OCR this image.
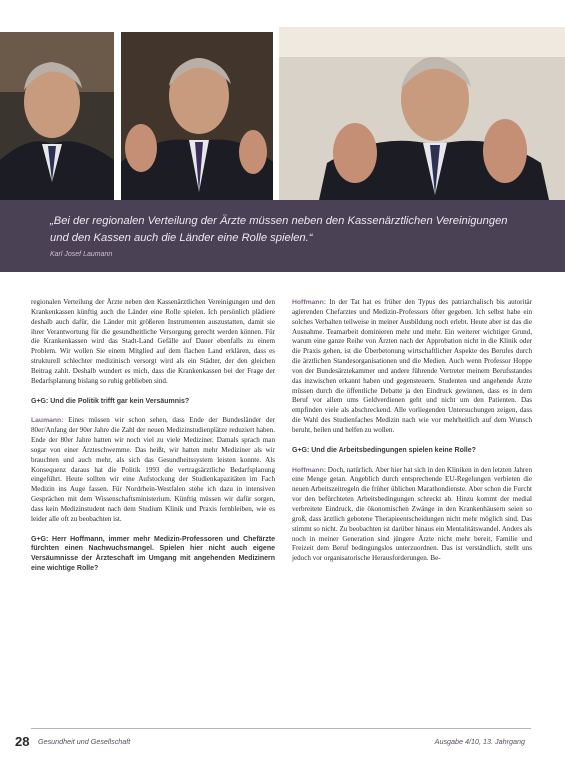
„Bei der regionalen Verteilung der Ärzte müssen neben den Kassenärztlichen Vereinigungen und den Kassen auch die Länder eine Rolle spielen.“
Karl Josef Laumann

regionalen Verteilung der Ärzte neben den Kassenärztlichen Vereinigungen und den Krankenkassen künftig auch die Länder eine Rolle spielen. Ich persönlich plädiere deshalb auch dafür, die Länder mit größeren Instrumenten auszustatten, damit sie ihrer Verantwortung für die gesundheitliche Versorgung gerecht werden können. Für die Krankenkassen wird das Stadt-Land Gefälle auf Dauer ebenfalls zu einem Problem. Wir wollen Sie einem Mitglied auf dem flachen Land erklären, dass es strukturell schlechter medizinisch versorgt wird als ein Städter, der den gleichen Beitrag zahlt. Deshalb wundert es mich, dass die Krankenkassen bei der Frage der Bedarfsplanung bislang so ruhig geblieben sind.

G+G: Und die Politik trifft gar kein Versäumnis?

Laumann: Eines müssen wir schon sehen, dass Ende der Bundesländer der 80er/Anfang der 90er Jahre die Zahl der neuen Medizinstudienplätze reduziert haben. Ende der 80er Jahre hatten wir noch viel zu viele Mediziner. Damals sprach man sogar von einer Ärzteschwemme. Das heißt, wir hatten mehr Mediziner als wir brauchten und auch mehr, als sich das Gesundheitssystem leisten konnte. Als Konsequenz daraus hat die Politik 1993 die vertragsärztliche Bedarfsplanung eingeführt. Heute sollten wir eine Aufstockung der Studienkapazitäten im Fach Medizin ins Auge fassen. Für Nordrhein-Westfalen stehe ich dazu in intensiven Gesprächen mit dem Wissenschaftsministerium. Künftig müssen wir dafür sorgen, dass kein Medizinstudent nach dem Studium Klinik und Praxis fernbleiben, wie es leider alle oft zu beobachten ist.

G+G: Herr Hoffmann, immer mehr Medizin-Professoren und Chefärzte fürchten einen Nachwuchsmangel. Spielen hier nicht auch eigene Versäumnisse der Ärzteschaft im Umgang mit angehenden Medizinern eine wichtige Rolle?

Hoffmann: In der Tat hat es früher den Typus des patriarchalisch bis autoritär agierenden Chefarztes und Medizin-Professors öfter gegeben. Ich selbst habe ein solches Verhalten teilweise in meiner Ausbildung noch erlebt. Heute aber ist das die Ausnahme. Teamarbeit dominieren mehr und mehr. Ein weiterer wichtiger Grund, warum eine ganze Reihe von Ärzten nach der Approbation nicht in die Klinik oder die Praxis gehen, ist die Überbetonung wirtschaftlicher Aspekte des Berufes durch die ärztlichen Standesorganisationen und die Medien. Auch wenn Professor Hoppe von der Bundesärztekammer und andere führende Vertreter meinem Berufsstandes das inzwischen erkannt haben und gegensteuern. Studenten und angehende Ärzte müssen durch die öffentliche Debatte ja den Eindruck gewinnen, dass es in dem Beruf vor allem ums Geldverdienen geht und nicht um den Patienten. Das empfinden viele als abschreckend. Alle vorliegenden Untersuchungen zeigen, dass die Wahl des Studienfaches Medizin nach wie vor mehrheitlich auf dem Wunsch beruht, heilen und helfen zu wollen.

G+G: Und die Arbeitsbedingungen spielen keine Rolle?

Hoffmann: Doch, natürlich. Aber hier hat sich in den Kliniken in den letzten Jahren eine Menge getan. Angeblich durch entsprechende EU-Regelungen verbieten die neuen Arbeitszeitregeln die früher üblichen Marathondienste. Aber schon die Furcht vor den befürchteten Arbeitsbedingungen schreckt ab. Hinzu kommt der medial verbreitete Eindruck, die ökonomischen Zwänge in den Krankenhäusern seien so groß, dass ärztlich gebotene Therapieentscheidungen nicht mehr möglich sind. Das stimmt so nicht. Zu beobachten ist darüber hinaus ein Mentalitätswandel. Anders als noch in meiner Generation sind jüngere Ärzte nicht mehr bereit, Familie und Freizeit dem Beruf bedingungslos unterzuordnen. Das ist verständlich, stellt uns jedoch vor organisatorische Herausforderungen. Be-

28 Gesundheit und Gesellschaft	Ausgabe 4/10, 13. Jahrgang
